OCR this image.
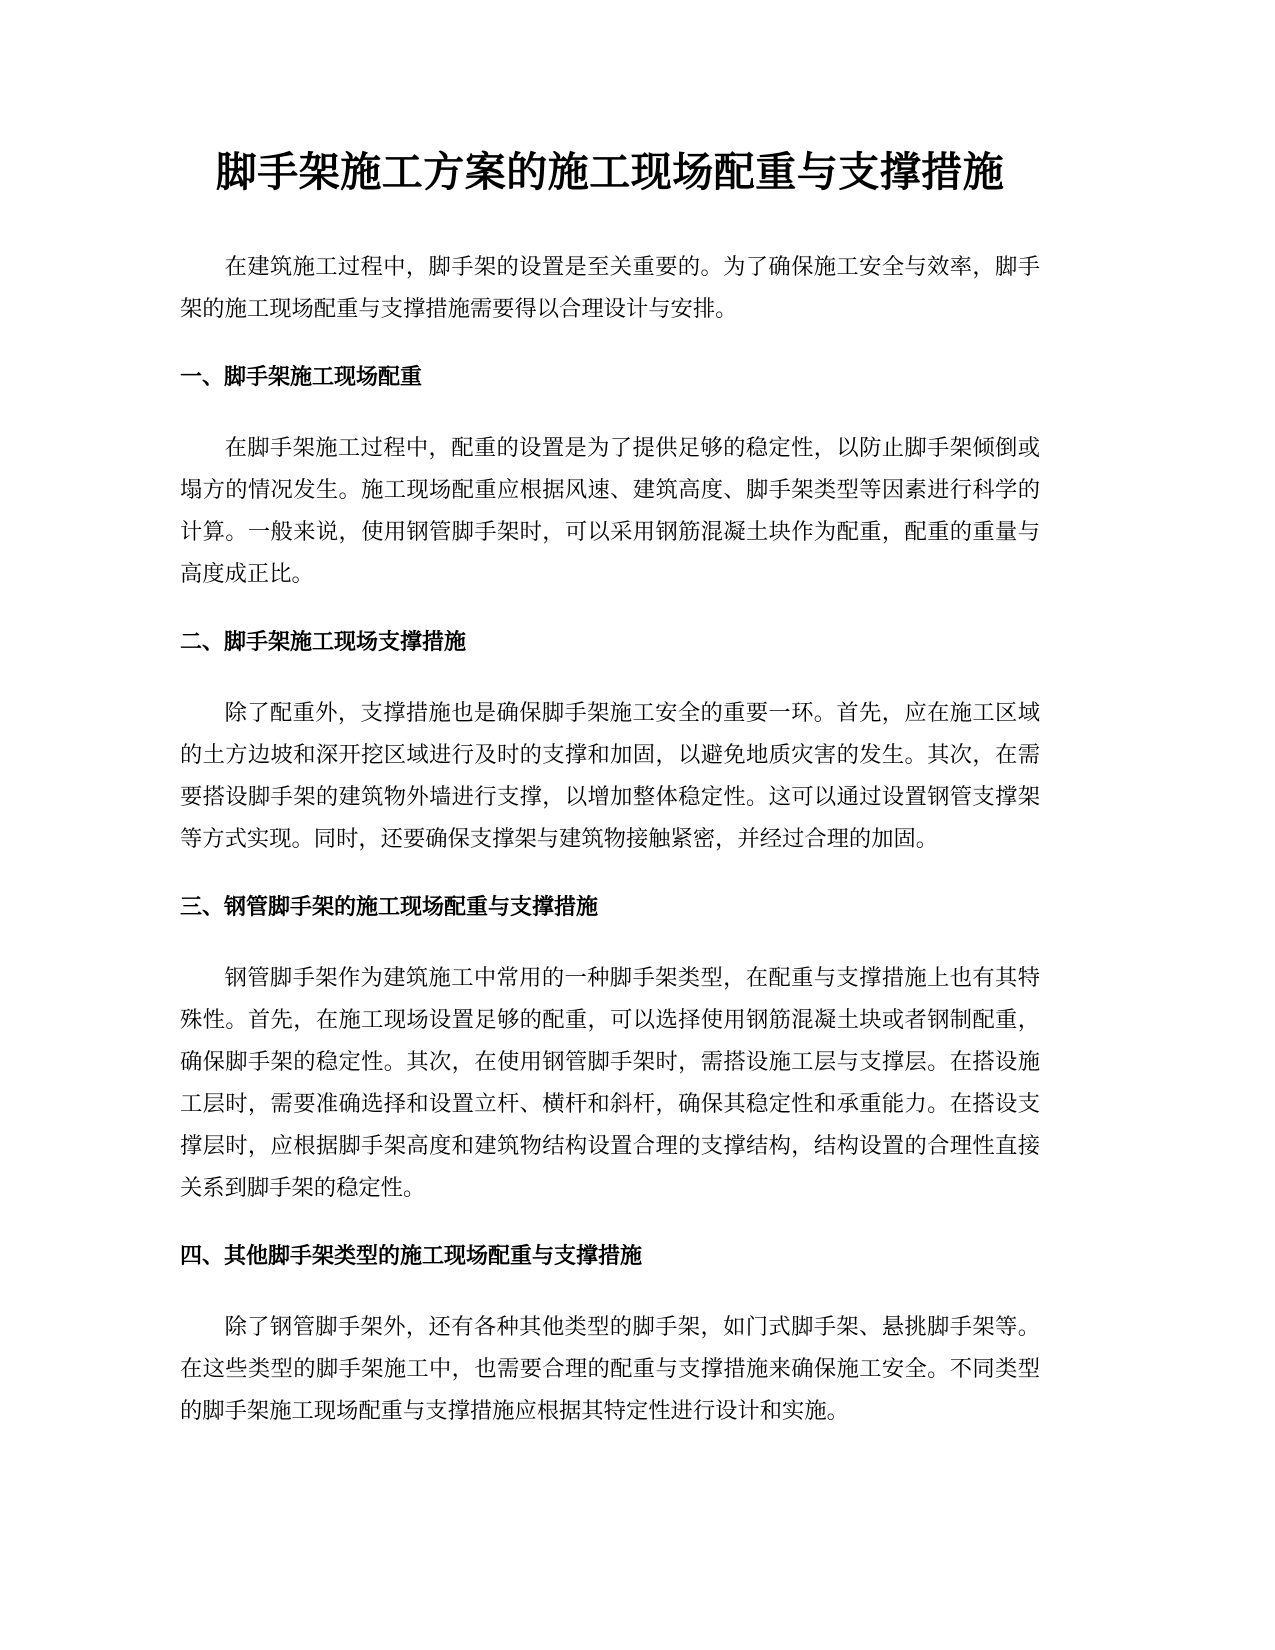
脚手架施工方案的施工现场配重与支撑措施

在建筑施工过程中，脚手架的设置是至关重要的。为了确保施工安全与效率，脚手架的施工现场配重与支撑措施需要得以合理设计与安排。

一、脚手架施工现场配重

在脚手架施工过程中，配重的设置是为了提供足够的稳定性，以防止脚手架倾倒或塌方的情况发生。施工现场配重应根据风速、建筑高度、脚手架类型等因素进行科学的计算。一般来说，使用钢管脚手架时，可以采用钢筋混凝土块作为配重，配重的重量与高度成正比。

二、脚手架施工现场支撑措施

除了配重外，支撑措施也是确保脚手架施工安全的重要一环。首先，应在施工区域的土方边坡和深开挖区域进行及时的支撑和加固，以避免地质灾害的发生。其次，在需要搭设脚手架的建筑物外墙进行支撑，以增加整体稳定性。这可以通过设置钢管支撑架等方式实现。同时，还要确保支撑架与建筑物接触紧密，并经过合理的加固。

三、钢管脚手架的施工现场配重与支撑措施

钢管脚手架作为建筑施工中常用的一种脚手架类型，在配重与支撑措施上也有其特殊性。首先，在施工现场设置足够的配重，可以选择使用钢筋混凝土块或者钢制配重，确保脚手架的稳定性。其次，在使用钢管脚手架时，需搭设施工层与支撑层。在搭设施工层时，需要准确选择和设置立杆、横杆和斜杆，确保其稳定性和承重能力。在搭设支撑层时，应根据脚手架高度和建筑物结构设置合理的支撑结构，结构设置的合理性直接关系到脚手架的稳定性。

四、其他脚手架类型的施工现场配重与支撑措施

除了钢管脚手架外，还有各种其他类型的脚手架，如门式脚手架、悬挑脚手架等。在这些类型的脚手架施工中，也需要合理的配重与支撑措施来确保施工安全。不同类型的脚手架施工现场配重与支撑措施应根据其特定性进行设计和实施。
